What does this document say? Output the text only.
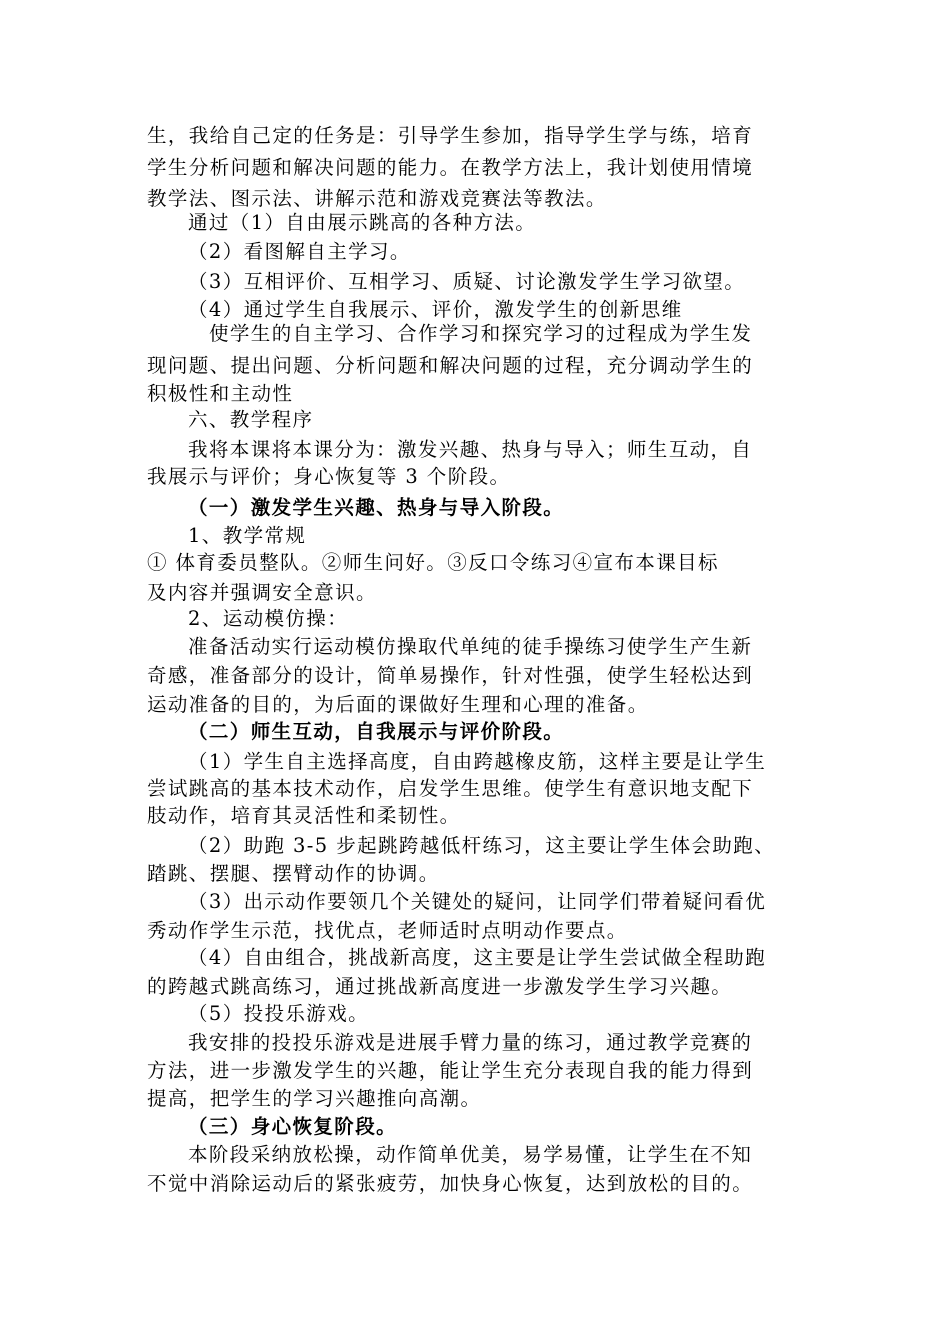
生，我给自己定的任务是：引导学生参加，指导学生学与练，培育
学生分析问题和解决问题的能力。在教学方法上，我计划使用情境
教学法、图示法、讲解示范和游戏竞赛法等教法。
通过（1）自由展示跳高的各种方法。
（2）看图解自主学习。
（3）互相评价、互相学习、质疑、讨论激发学生学习欲望。
（4）通过学生自我展示、评价，激发学生的创新思维
使学生的自主学习、合作学习和探究学习的过程成为学生发
现问题、提出问题、分析问题和解决问题的过程，充分调动学生的
积极性和主动性
六、教学程序
我将本课将本课分为：激发兴趣、热身与导入；师生互动，自
我展示与评价；身心恢复等 3 个阶段。
（一）激发学生兴趣、热身与导入阶段。
1、教学常规
① 体育委员整队。②师生问好。③反口令练习④宣布本课目标
及内容并强调安全意识。
2、运动模仿操：
准备活动实行运动模仿操取代单纯的徒手操练习使学生产生新
奇感，准备部分的设计，简单易操作，针对性强，使学生轻松达到
运动准备的目的，为后面的课做好生理和心理的准备。
（二）师生互动，自我展示与评价阶段。
（1）学生自主选择高度，自由跨越橡皮筋，这样主要是让学生
尝试跳高的基本技术动作，启发学生思维。使学生有意识地支配下
肢动作，培育其灵活性和柔韧性。
（2）助跑 3-5 步起跳跨越低杆练习，这主要让学生体会助跑、
踏跳、摆腿、摆臂动作的协调。
（3）出示动作要领几个关键处的疑问，让同学们带着疑问看优
秀动作学生示范，找优点，老师适时点明动作要点。
（4）自由组合，挑战新高度，这主要是让学生尝试做全程助跑
的跨越式跳高练习，通过挑战新高度进一步激发学生学习兴趣。
（5）投投乐游戏。
我安排的投投乐游戏是进展手臂力量的练习，通过教学竞赛的
方法，进一步激发学生的兴趣，能让学生充分表现自我的能力得到
提高，把学生的学习兴趣推向高潮。
（三）身心恢复阶段。
本阶段采纳放松操，动作简单优美，易学易懂，让学生在不知
不觉中消除运动后的紧张疲劳，加快身心恢复，达到放松的目的。
